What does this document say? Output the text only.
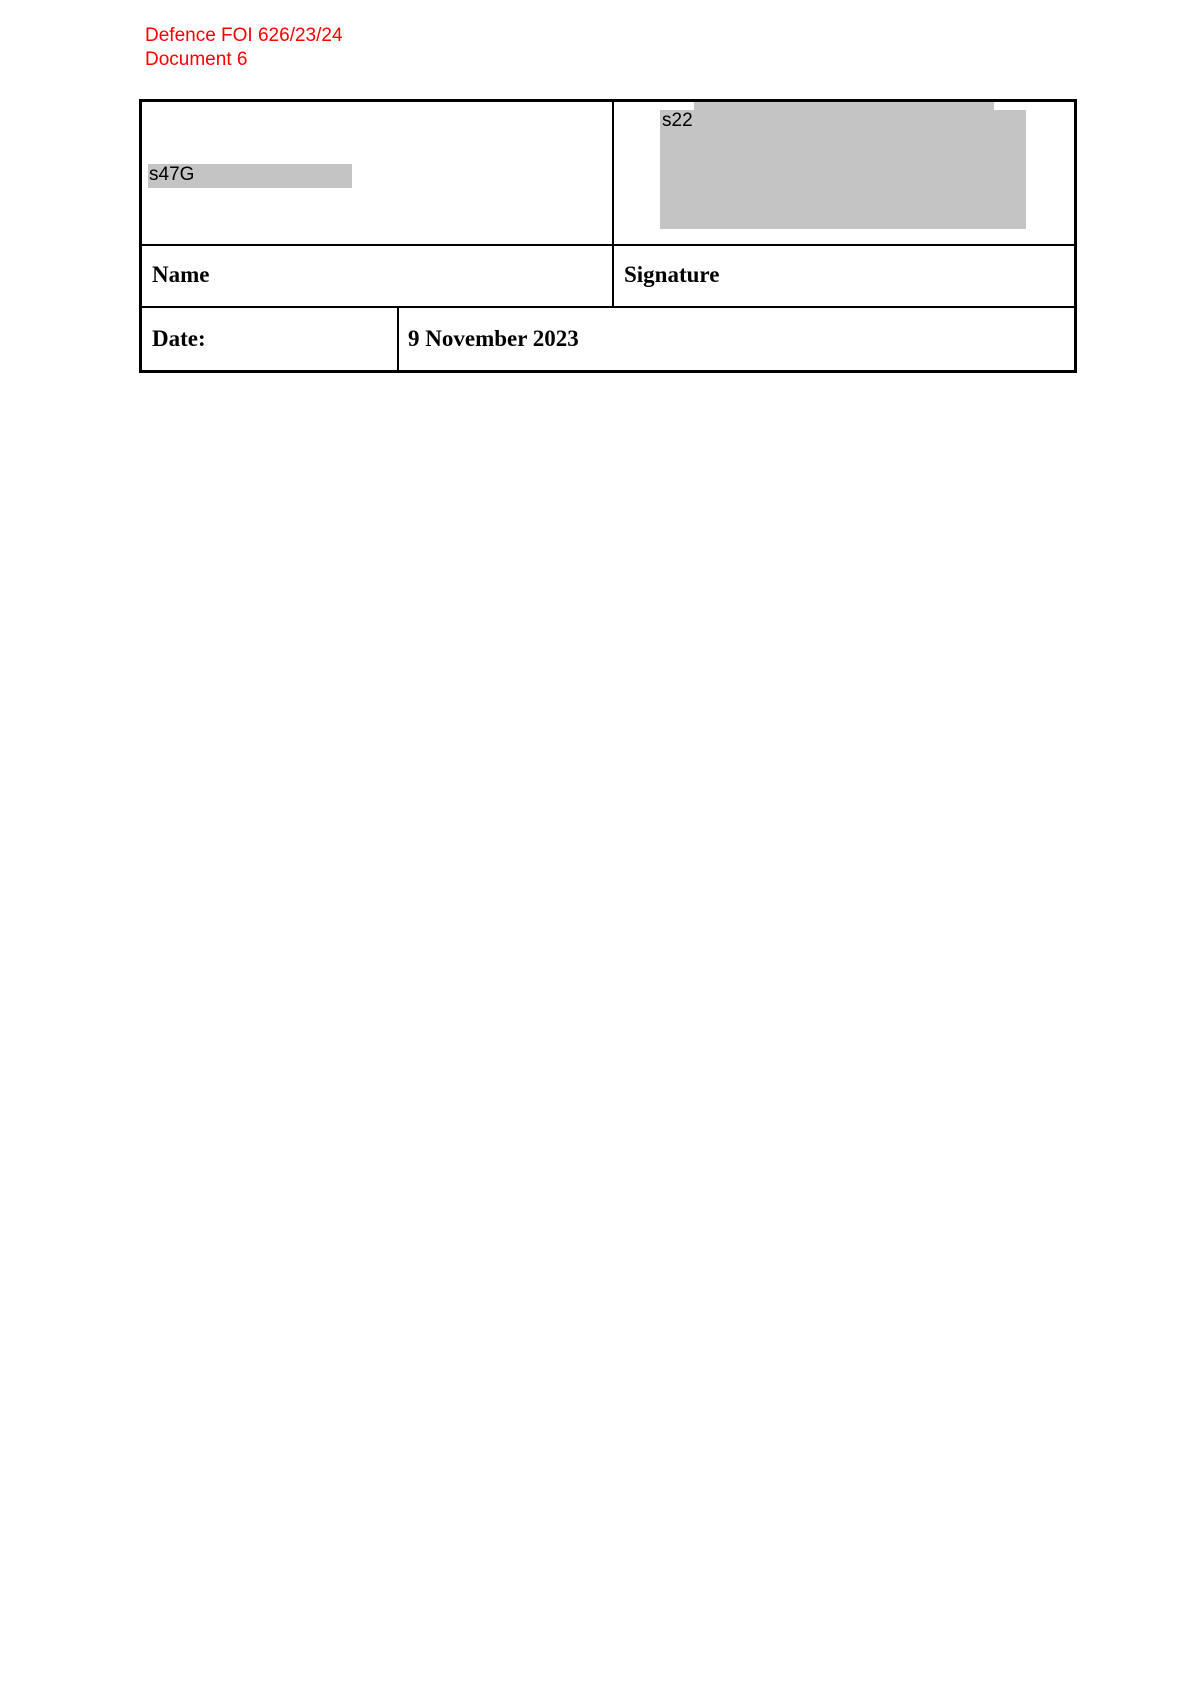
Defence FOI 626/23/24
Document 6
s47G
s22
Name	Signature
Date:	9 November 2023
